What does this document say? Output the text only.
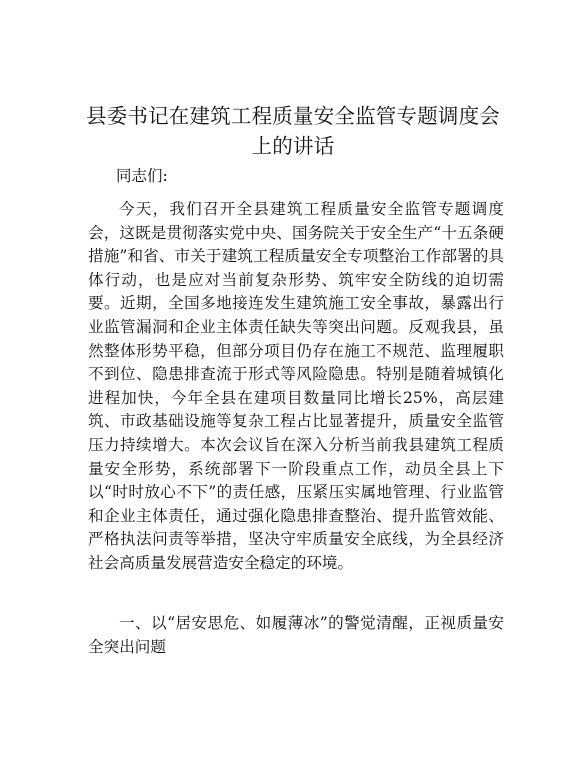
县委书记在建筑工程质量安全监管专题调度会上的讲话

同志们:

今天，我们召开全县建筑工程质量安全监管专题调度会，这既是贯彻落实党中央、国务院关于安全生产“十五条硬措施”和省、市关于建筑工程质量安全专项整治工作部署的具体行动，也是应对当前复杂形势、筑牢安全防线的迫切需要。近期，全国多地接连发生建筑施工安全事故，暴露出行业监管漏洞和企业主体责任缺失等突出问题。反观我县，虽然整体形势平稳，但部分项目仍存在施工不规范、监理履职不到位、隐患排查流于形式等风险隐患。特别是随着城镇化进程加快，今年全县在建项目数量同比增长25%，高层建筑、市政基础设施等复杂工程占比显著提升，质量安全监管压力持续增大。本次会议旨在深入分析当前我县建筑工程质量安全形势，系统部署下一阶段重点工作，动员全县上下以“时时放心不下”的责任感，压紧压实属地管理、行业监管和企业主体责任，通过强化隐患排查整治、提升监管效能、严格执法问责等举措，坚决守牢质量安全底线，为全县经济社会高质量发展营造安全稳定的环境。

一、以“居安思危、如履薄冰”的警觉清醒，正视质量安全突出问题
